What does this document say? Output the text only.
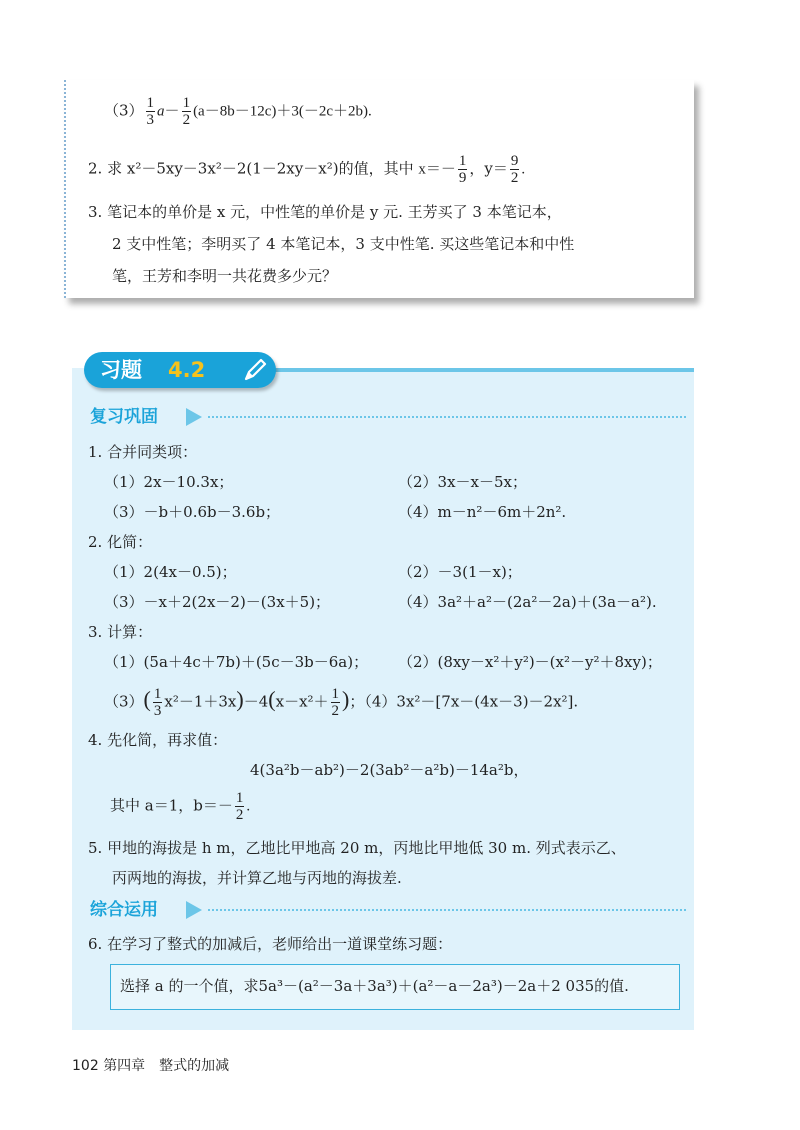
$(3) \frac{1}{3} a- \frac{1}{2} (a-8b-12c)+3(-2c+2b)$.
2. 求 x²－5xy－3x²－2(1－2xy－x²)的值，其中 $x=- \frac{1}{9}$ ，$y= \frac{9}{2}$ .
3. 笔记本的单价是 x 元，中性笔的单价是 y 元. 王芳买了 3 本笔记本，
2 支中性笔；李明买了 4 本笔记本，3 支中性笔. 买这些笔记本和中性
笔，王芳和李明一共花费多少元？
习题 4.2
复习巩固
1. 合并同类项：
（1）2x－10.3x；	（2）3x－x－5x；
（3）－b＋0.6b－3.6b；	（4）m－n²－6m＋2n².
2. 化简：
（1）2(4x－0.5)；	（2）－3(1－x)；
（3）－x＋2(2x－2)－(3x＋5)；	（4）3a²＋a²－(2a²－2a)＋(3a－a²).
3. 计算：
（1）(5a＋4c＋7b)＋(5c－3b－6a)； （2）(8xy－x²＋y²)－(x²－y²＋8xy)；
$(3)( \frac{1}{3} x^2-1+3x)-4(x-x^2+ \frac{1}{2}$ )；（4）3x²－[7x－(4x－3)－2x²].
4. 先化简，再求值：
4(3a²b－ab²)－2(3ab²－a²b)－14a²b，
其中 a＝1，$b=- \frac{1}{2}$ .
5. 甲地的海拔是 h m，乙地比甲地高 20 m，丙地比甲地低 30 m. 列式表示乙、
丙两地的海拔，并计算乙地与丙地的海拔差.
综合运用
6. 在学习了整式的加减后，老师给出一道课堂练习题：
选择 a 的一个值，求5a³－(a²－3a＋3a³)＋(a²－a－2a³)－2a＋2 035的值.
102 第四章　整式的加减
